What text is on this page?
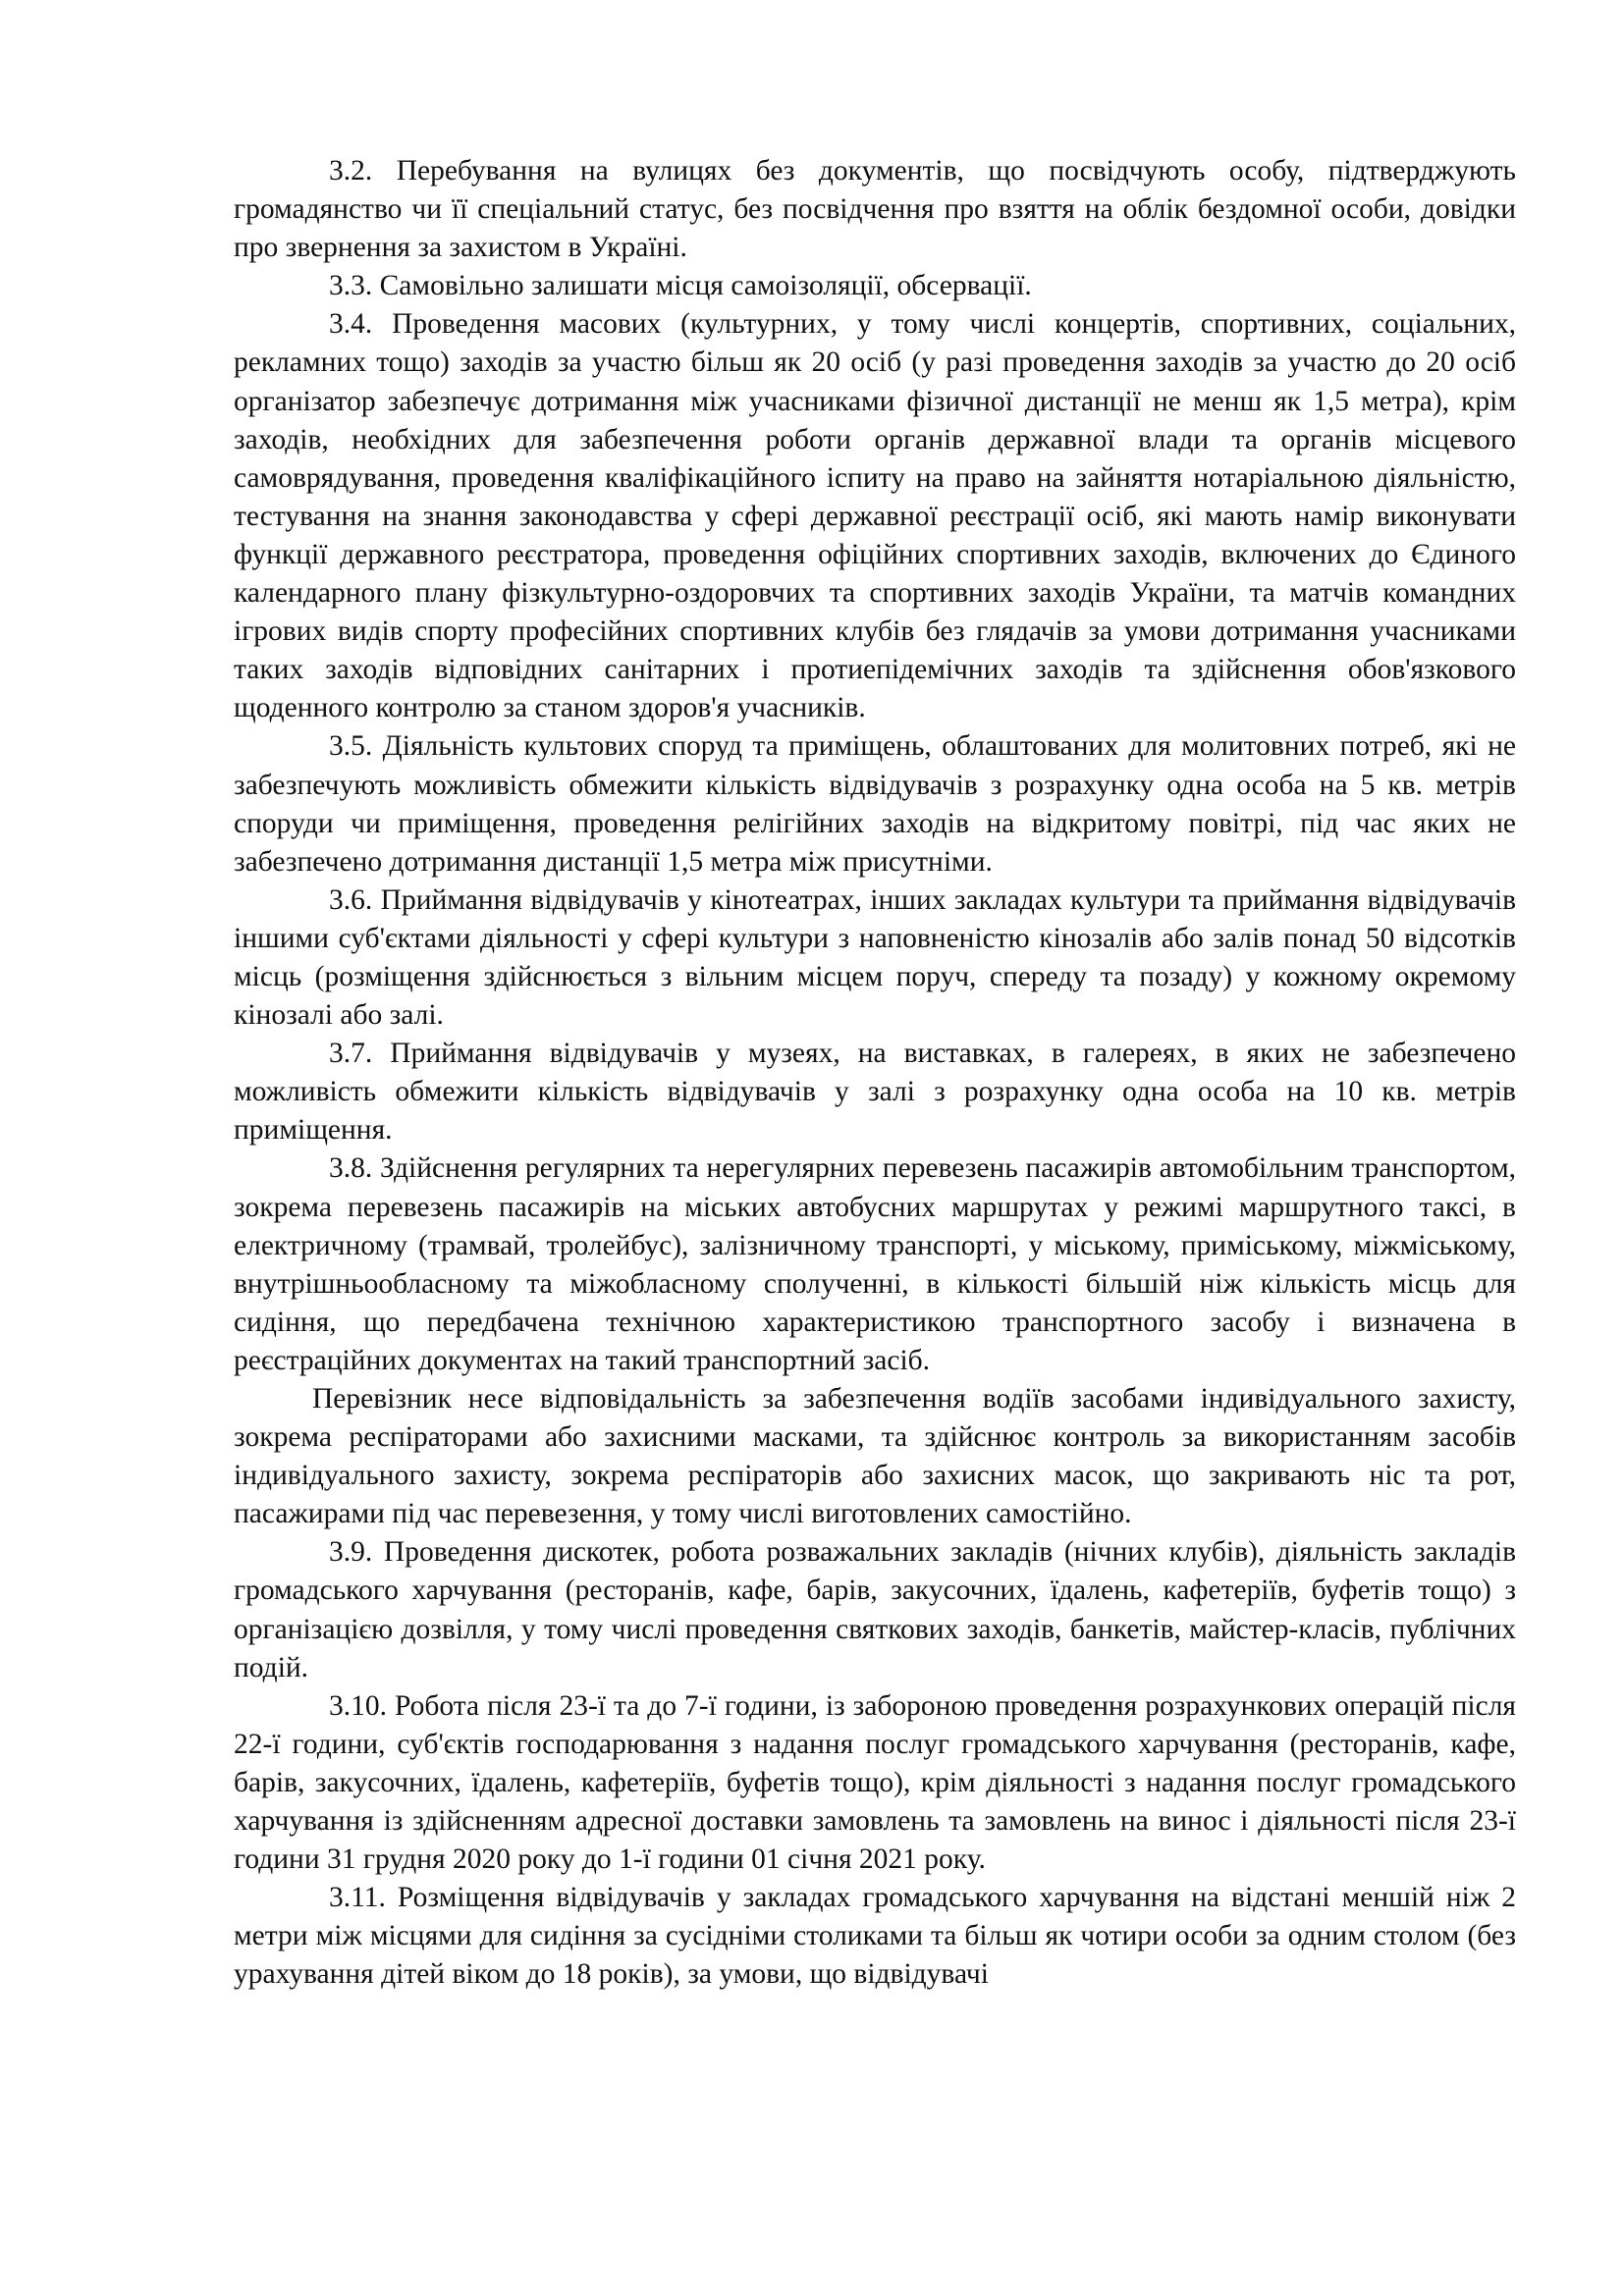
3.2. Перебування на вулицях без документів, що посвідчують особу, підтверджують громадянство чи її спеціальний статус, без посвідчення про взяття на облік бездомної особи, довідки про звернення за захистом в Україні.

3.3. Самовільно залишати місця самоізоляції, обсервації.

3.4. Проведення масових (культурних, у тому числі концертів, спортивних, соціальних, рекламних тощо) заходів за участю більш як 20 осіб (у разі проведення заходів за участю до 20 осіб організатор забезпечує дотримання між учасниками фізичної дистанції не менш як 1,5 метра), крім заходів, необхідних для забезпечення роботи органів державної влади та органів місцевого самоврядування, проведення кваліфікаційного іспиту на право на зайняття нотаріальною діяльністю, тестування на знання законодавства у сфері державної реєстрації осіб, які мають намір виконувати функції державного реєстратора, проведення офіційних спортивних заходів, включених до Єдиного календарного плану фізкультурно-оздоровчих та спортивних заходів України, та матчів командних ігрових видів спорту професійних спортивних клубів без глядачів за умови дотримання учасниками таких заходів відповідних санітарних і протиепідемічних заходів та здійснення обов'язкового щоденного контролю за станом здоров'я учасників.

3.5. Діяльність культових споруд та приміщень, облаштованих для молитовних потреб, які не забезпечують можливість обмежити кількість відвідувачів з розрахунку одна особа на 5 кв. метрів споруди чи приміщення, проведення релігійних заходів на відкритому повітрі, під час яких не забезпечено дотримання дистанції 1,5 метра між присутніми.

3.6. Приймання відвідувачів у кінотеатрах, інших закладах культури та приймання відвідувачів іншими суб'єктами діяльності у сфері культури з наповненістю кінозалів або залів понад 50 відсотків місць (розміщення здійснюється з вільним місцем поруч, спереду та позаду) у кожному окремому кінозалі або залі.

3.7. Приймання відвідувачів у музеях, на виставках, в галереях, в яких не забезпечено можливість обмежити кількість відвідувачів у залі з розрахунку одна особа на 10 кв. метрів приміщення.

3.8. Здійснення регулярних та нерегулярних перевезень пасажирів автомобільним транспортом, зокрема перевезень пасажирів на міських автобусних маршрутах у режимі маршрутного таксі, в електричному (трамвай, тролейбус), залізничному транспорті, у міському, приміському, міжміському, внутрішньообласному та міжобласному сполученні, в кількості більшій ніж кількість місць для сидіння, що передбачена технічною характеристикою транспортного засобу і визначена в реєстраційних документах на такий транспортний засіб.

Перевізник несе відповідальність за забезпечення водіїв засобами індивідуального захисту, зокрема респіраторами або захисними масками, та здійснює контроль за використанням засобів індивідуального захисту, зокрема респіраторів або захисних масок, що закривають ніс та рот, пасажирами під час перевезення, у тому числі виготовлених самостійно.

3.9. Проведення дискотек, робота розважальних закладів (нічних клубів), діяльність закладів громадського харчування (ресторанів, кафе, барів, закусочних, їдалень, кафетеріїв, буфетів тощо) з організацією дозвілля, у тому числі проведення святкових заходів, банкетів, майстер-класів, публічних подій.

3.10. Робота після 23-ї та до 7-ї години, із забороною проведення розрахункових операцій після 22-ї години, суб'єктів господарювання з надання послуг громадського харчування (ресторанів, кафе, барів, закусочних, їдалень, кафетеріїв, буфетів тощо), крім діяльності з надання послуг громадського харчування із здійсненням адресної доставки замовлень та замовлень на винос і діяльності після 23-ї години 31 грудня 2020 року до 1-ї години 01 січня 2021 року.

3.11. Розміщення відвідувачів у закладах громадського харчування на відстані меншій ніж 2 метри між місцями для сидіння за сусідніми столиками та більш як чотири особи за одним столом (без урахування дітей віком до 18 років), за умови, що відвідувачі
